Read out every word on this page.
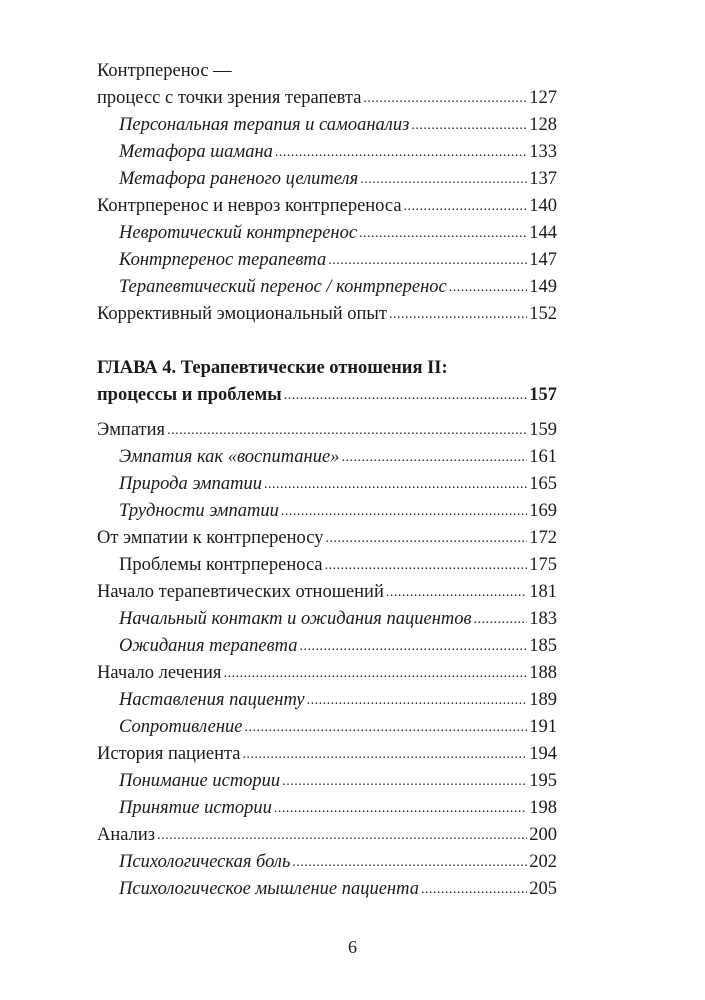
Контрперенос —
процесс с точки зрения терапевта .....	127
Персональная терапия и самоанализ .....	128
Метафора шамана .....	133
Метафора раненого целителя .....	137
Контрперенос и невроз контрпереноса .....	140
Невротический контрперенос .....	144
Контрперенос терапевта .....	147
Терапевтический перенос / контрперенос .....	149
Коррективный эмоциональный опыт .....	152
ГЛАВА 4. Терапевтические отношения II:
процессы и проблемы .....	157
Эмпатия .....	159
Эмпатия как «воспитание» .....	161
Природа эмпатии .....	165
Трудности эмпатии .....	169
От эмпатии к контрпереносу .....	172
Проблемы контрпереноса .....	175
Начало терапевтических отношений .....	181
Начальный контакт и ожидания пациентов .....	183
Ожидания терапевта .....	185
Начало лечения .....	188
Наставления пациенту .....	189
Сопротивление .....	191
История пациента .....	194
Понимание истории .....	195
Принятие истории .....	198
Анализ .....	200
Психологическая боль .....	202
Психологическое мышление пациента .....	205
6
